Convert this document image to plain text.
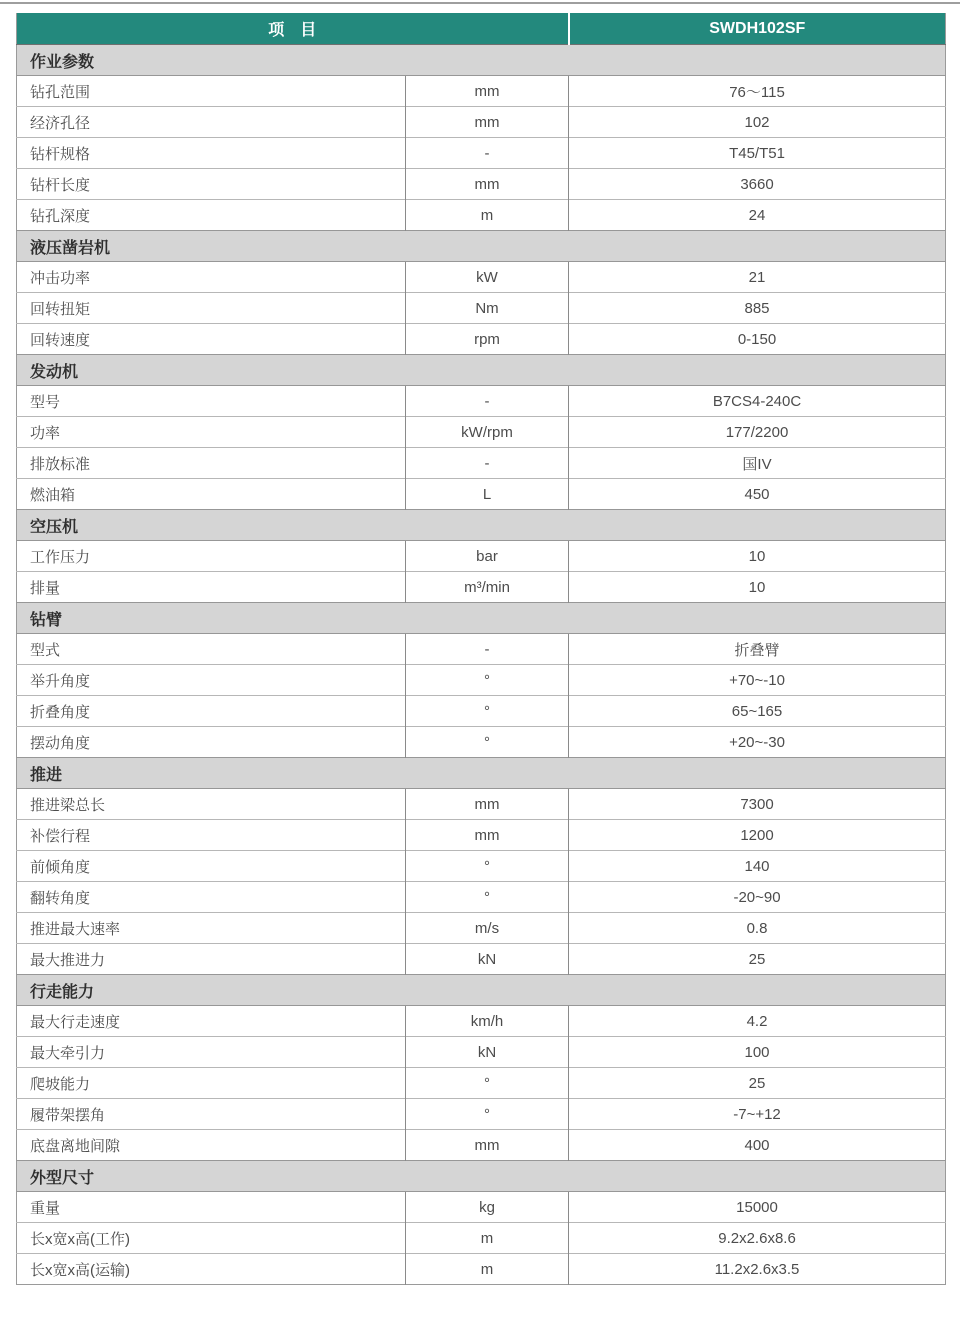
项　目		SWDH102SF
作业参数		
钻孔范围	mm	76～115
经济孔径	mm	102
钻杆规格	-	T45/T51
钻杆长度	mm	3660
钻孔深度	m	24
液压凿岩机		
冲击功率	kW	21
回转扭矩	Nm	885
回转速度	rpm	0-150
发动机		
型号	-	B7CS4-240C
功率	kW/rpm	177/2200
排放标准	-	国IV
燃油箱	L	450
空压机		
工作压力	bar	10
排量	m³/min	10
钻臂		
型式	-	折叠臂
举升角度	°	+70~-10
折叠角度	°	65~165
摆动角度	°	+20~-30
推进		
推进梁总长	mm	7300
补偿行程	mm	1200
前倾角度	°	140
翻转角度	°	-20~90
推进最大速率	m/s	0.8
最大推进力	kN	25
行走能力		
最大行走速度	km/h	4.2
最大牵引力	kN	100
爬坡能力	°	25
履带架摆角	°	-7~+12
底盘离地间隙	mm	400
外型尺寸		
重量	kg	15000
长x宽x高(工作)	m	9.2x2.6x8.6
长x宽x高(运输)	m	11.2x2.6x3.5
